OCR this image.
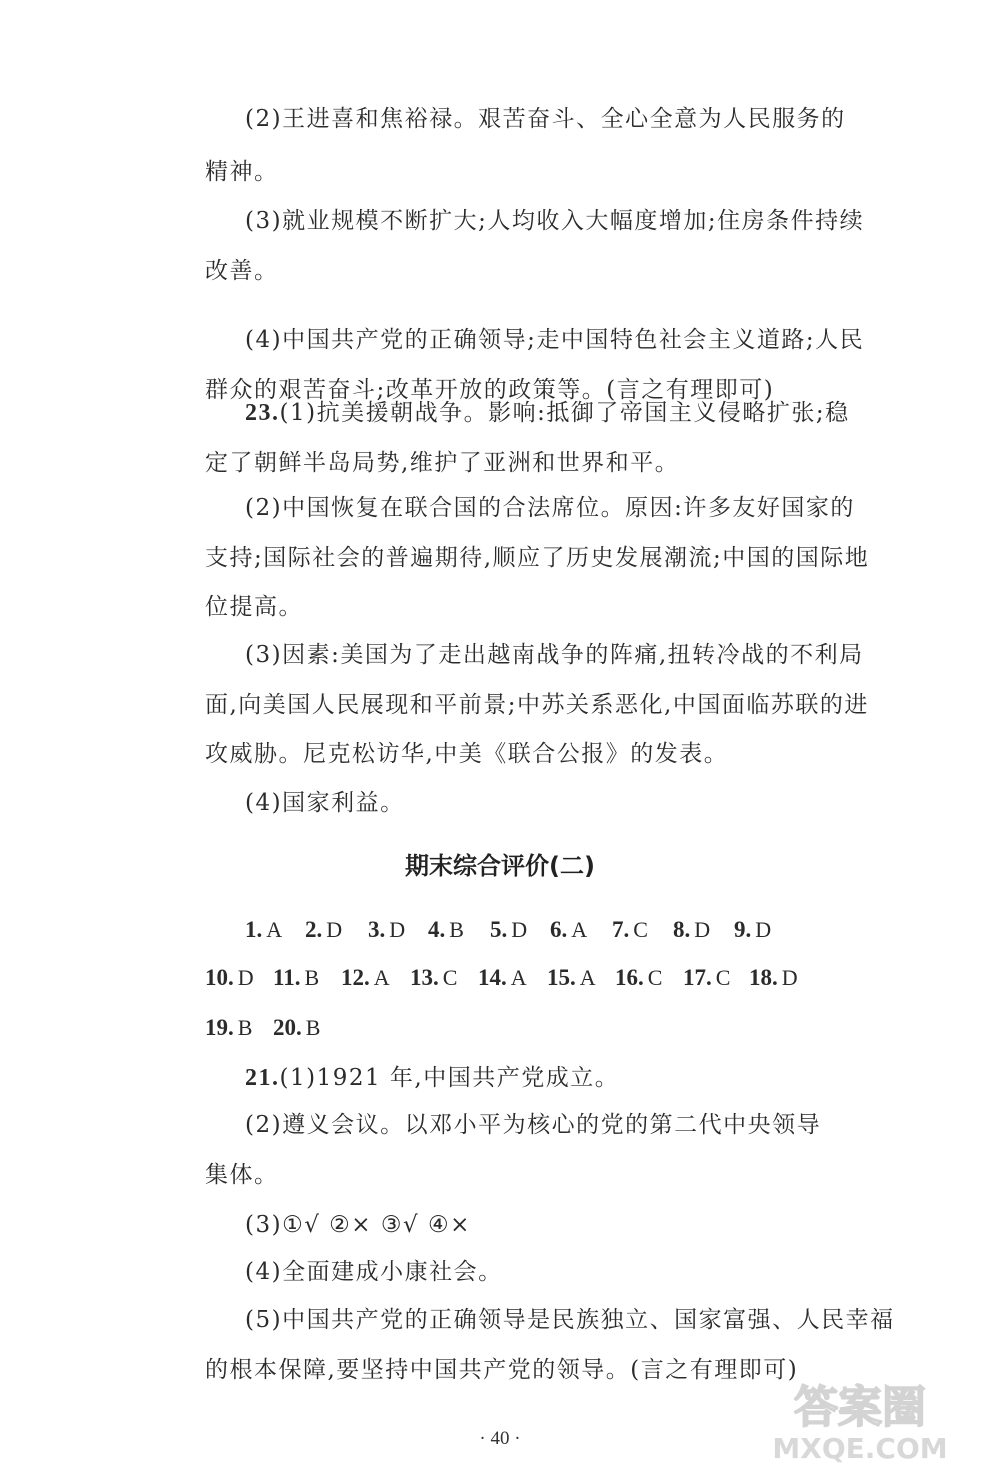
(2)王进喜和焦裕禄。艰苦奋斗、全心全意为人民服务的
精神。
(3)就业规模不断扩大;人均收入大幅度增加;住房条件持续
改善。
(4)中国共产党的正确领导;走中国特色社会主义道路;人民
群众的艰苦奋斗;改革开放的政策等。(言之有理即可)
23.(1)抗美援朝战争。影响:抵御了帝国主义侵略扩张;稳
定了朝鲜半岛局势,维护了亚洲和世界和平。
(2)中国恢复在联合国的合法席位。原因:许多友好国家的
支持;国际社会的普遍期待,顺应了历史发展潮流;中国的国际地
位提高。
(3)因素:美国为了走出越南战争的阵痛,扭转冷战的不利局
面,向美国人民展现和平前景;中苏关系恶化,中国面临苏联的进
攻威胁。尼克松访华,中美《联合公报》的发表。
(4)国家利益。
期末综合评价(二)
1. A 2. D 3. D 4. B 5. D 6. A 7. C 8. D 9. D
10. D 11. B 12. A 13. C 14. A 15. A 16. C 17. C 18. D
19. B 20. B
21.(1)1921 年,中国共产党成立。
(2)遵义会议。以邓小平为核心的党的第二代中央领导
集体。
(3)①√ ②× ③√ ④×
(4)全面建成小康社会。
(5)中国共产党的正确领导是民族独立、国家富强、人民幸福
的根本保障,要坚持中国共产党的领导。(言之有理即可)
· 40 ·
答案圈
MXQE.COM
